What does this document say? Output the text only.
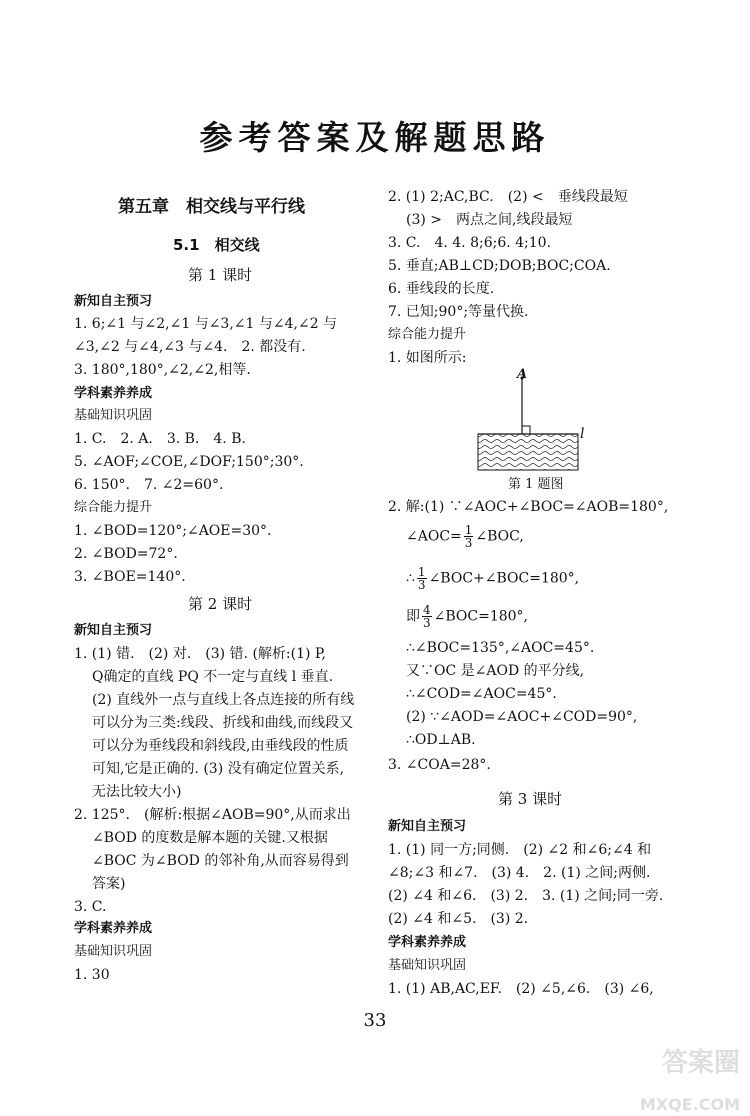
参考答案及解题思路
第五章　相交线与平行线
5.1　相交线
第 1 课时
新知自主预习
1. 6;∠1 与∠2,∠1 与∠3,∠1 与∠4,∠2 与
∠3,∠2 与∠4,∠3 与∠4.　2. 都没有.
3. 180°,180°,∠2,∠2,相等.
学科素养养成
基础知识巩固
1. C.　2. A.　3. B.　4. B.
5. ∠AOF;∠COE,∠DOF;150°;30°.
6. 150°.　7. ∠2=60°.
综合能力提升
1. ∠BOD=120°;∠AOE=30°.
2. ∠BOD=72°.
3. ∠BOE=140°.
第 2 课时
新知自主预习
1. (1) 错.　(2) 对.　(3) 错. (解析:(1) P,
Q确定的直线 PQ 不一定与直线 l 垂直.
(2) 直线外一点与直线上各点连接的所有线
可以分为三类:线段、折线和曲线,而线段又
可以分为垂线段和斜线段,由垂线段的性质
可知,它是正确的. (3) 没有确定位置关系,
无法比较大小)
2. 125°.　(解析:根据∠AOB=90°,从而求出
∠BOD 的度数是解本题的关键.又根据
∠BOC 为∠BOD 的邻补角,从而容易得到
答案)
3. C.
学科素养养成
基础知识巩固
1. 30
2. (1) 2;AC,BC.　(2) <　垂线段最短
(3) >　两点之间,线段最短
3. C.　4. 4. 8;6;6. 4;10.
5. 垂直;AB⊥CD;DOB;BOC;COA.
6. 垂线段的长度.
7. 已知;90°;等量代换.
综合能力提升
1. 如图所示:
A
l
第 1 题图
2. 解:(1) ∵∠AOC+∠BOC=∠AOB=180°,
∠AOC= $\frac{1}{3}$ ∠BOC,
∴ $\frac{1}{3}$ ∠BOC+∠BOC=180°,
即 $\frac{4}{3}$ ∠BOC=180°,
∴∠BOC=135°,∠AOC=45°.
又∵OC 是∠AOD 的平分线,
∴∠COD=∠AOC=45°.
(2) ∵∠AOD=∠AOC+∠COD=90°,
∴OD⊥AB.
3. ∠COA=28°.
第 3 课时
新知自主预习
1. (1) 同一方;同侧.　(2) ∠2 和∠6;∠4 和
∠8;∠3 和∠7.　(3) 4.　2. (1) 之间;两侧.
(2) ∠4 和∠6.　(3) 2.　3. (1) 之间;同一旁.
(2) ∠4 和∠5.　(3) 2.
学科素养养成
基础知识巩固
1. (1) AB,AC,EF.　(2) ∠5,∠6.　(3) ∠6,
33
答案圈
MXQE.COM
